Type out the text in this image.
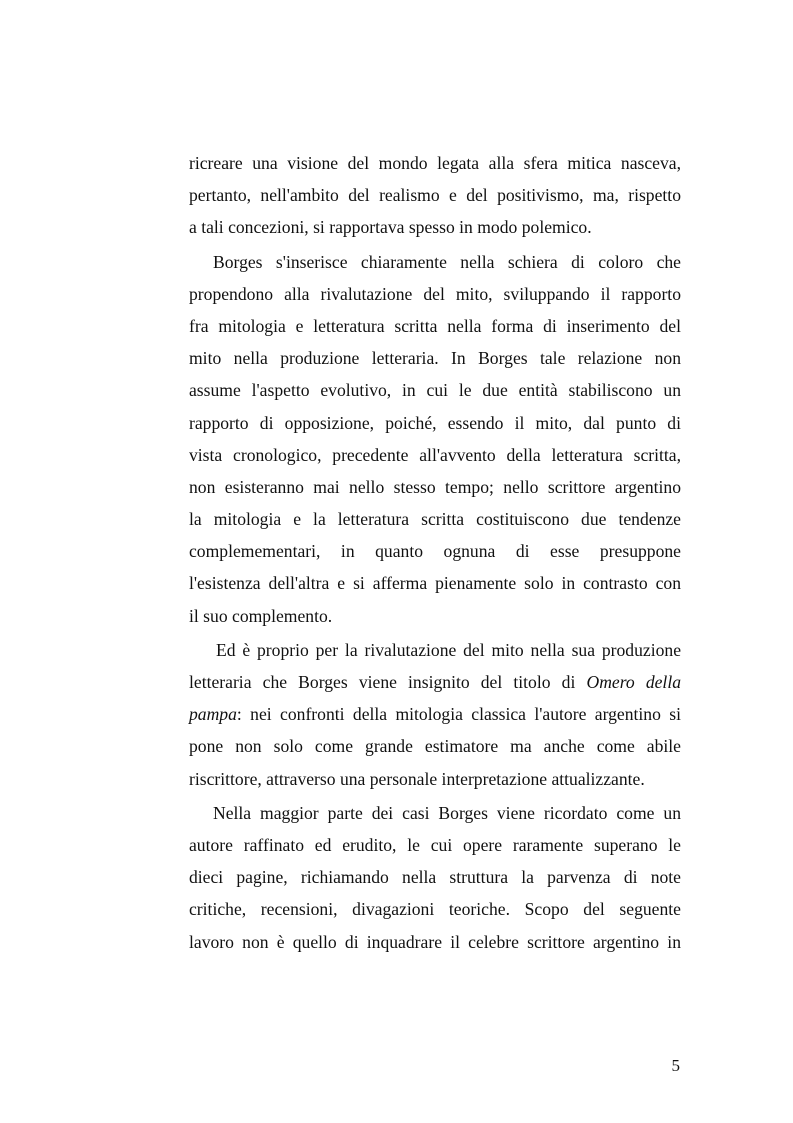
ricreare una visione del mondo legata alla sfera mitica nasceva,
pertanto, nell'ambito del realismo e del positivismo, ma, rispetto
a tali concezioni, si rapportava spesso in modo polemico.
Borges s'inserisce chiaramente nella schiera di coloro che
propendono alla rivalutazione del mito, sviluppando il rapporto
fra mitologia e letteratura scritta nella forma di inserimento del
mito nella produzione letteraria. In Borges tale relazione non
assume l'aspetto evolutivo, in cui le due entità stabiliscono un
rapporto di opposizione, poiché, essendo il mito, dal punto di
vista cronologico, precedente all'avvento della letteratura scritta,
non esisteranno mai nello stesso tempo; nello scrittore argentino
la mitologia e la letteratura scritta costituiscono due tendenze
complemementari, in quanto ognuna di esse presuppone
l'esistenza dell'altra e si afferma pienamente solo in contrasto con
il suo complemento.
Ed è proprio per la rivalutazione del mito nella sua produzione
letteraria che Borges viene insignito del titolo di Omero della
pampa: nei confronti della mitologia classica l'autore argentino si
pone non solo come grande estimatore ma anche come abile
riscrittore, attraverso una personale interpretazione attualizzante.
Nella maggior parte dei casi Borges viene ricordato come un
autore raffinato ed erudito, le cui opere raramente superano le
dieci pagine, richiamando nella struttura la parvenza di note
critiche, recensioni, divagazioni teoriche. Scopo del seguente
lavoro non è quello di inquadrare il celebre scrittore argentino in
5
